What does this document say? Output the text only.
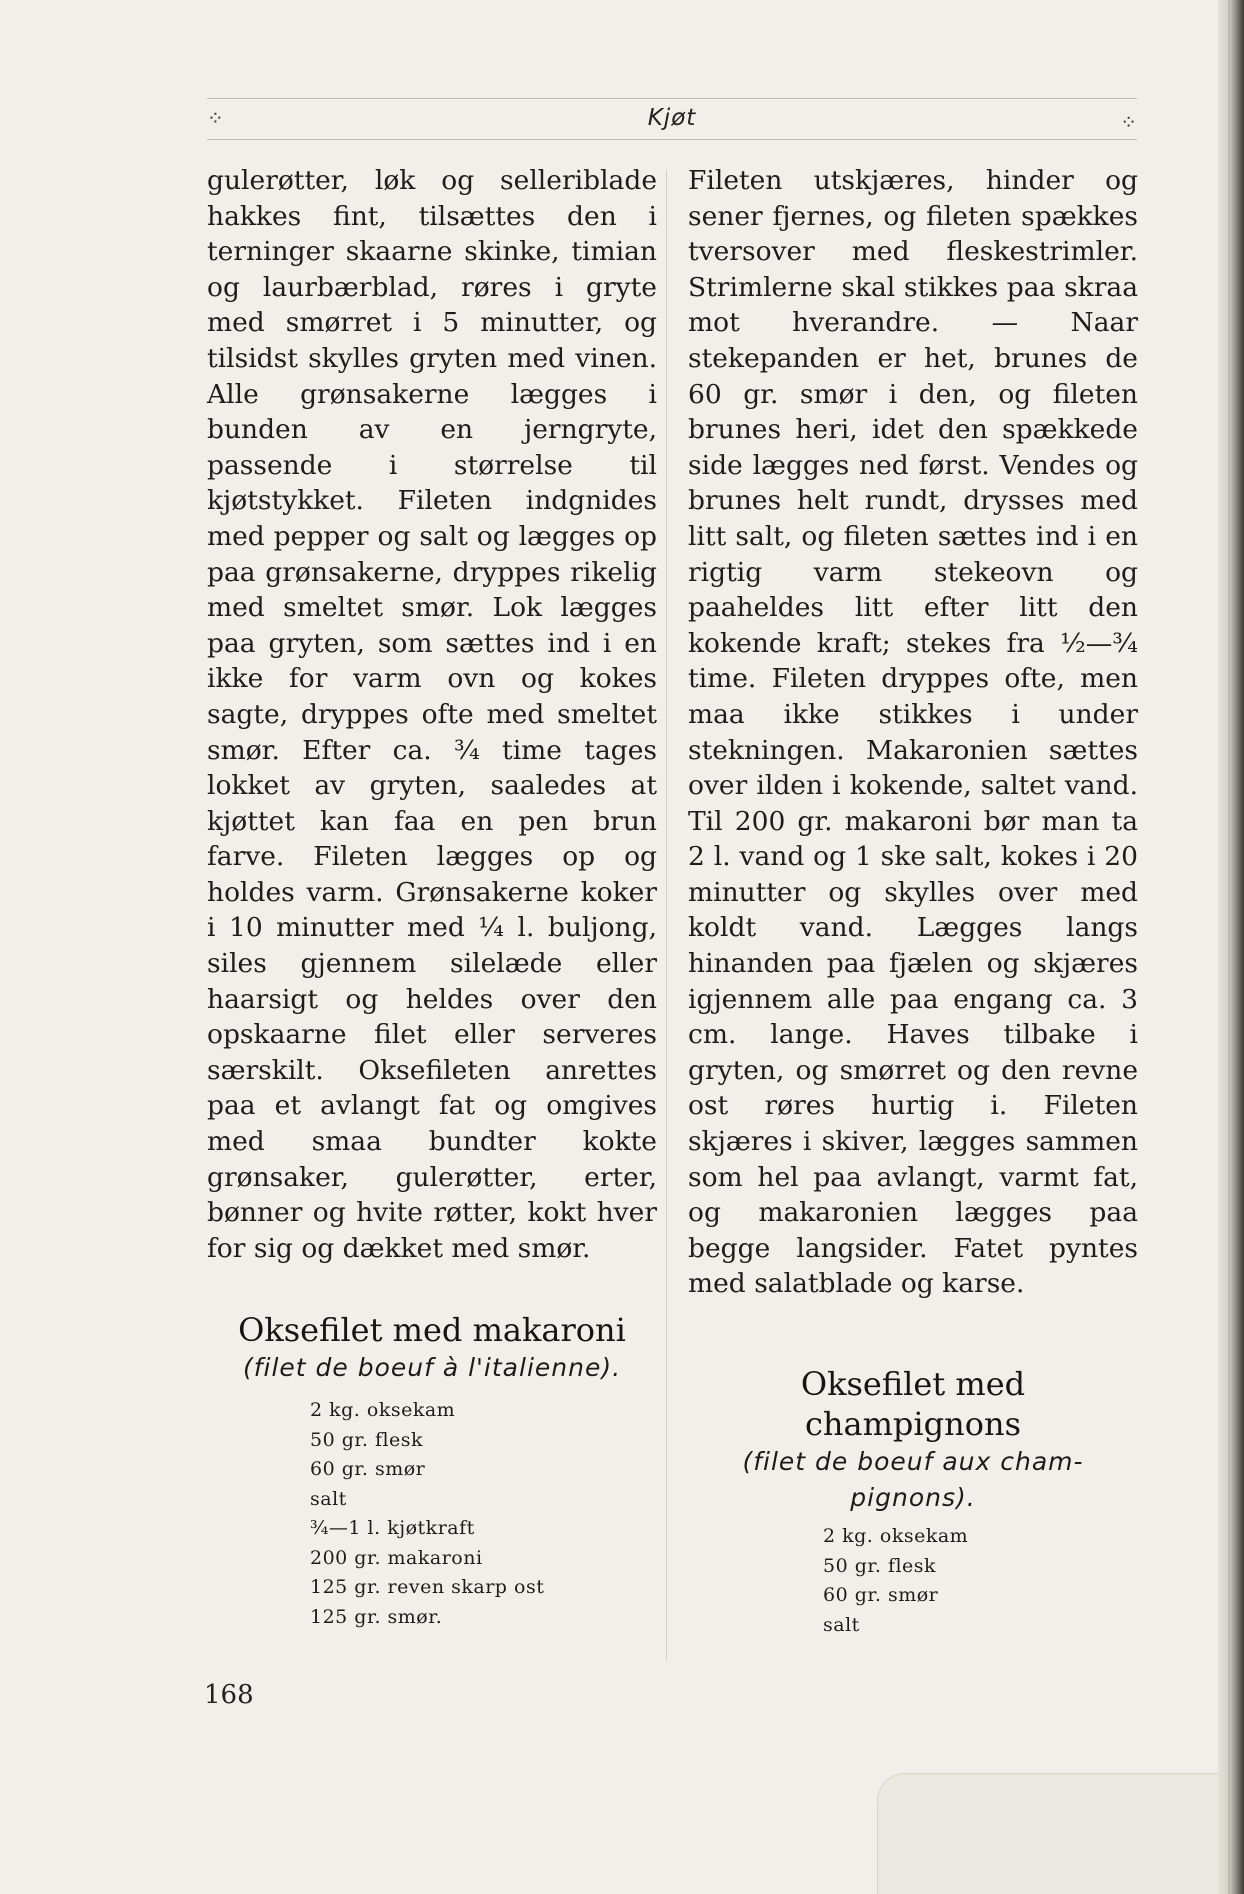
⁘	Kjøt	⁘

gulerøtter, løk og selleriblade hakkes fint, tilsættes den i terninger skaarne skinke, timian og laurbærblad, røres i gryte med smørret i 5 minutter, og tilsidst skylles gryten med vinen. Alle grønsakerne lægges i bunden av en jerngryte, passende i størrelse til kjøtstykket. Fileten indgnides med pepper og salt og lægges op paa grønsakerne, dryppes rikelig med smeltet smør. Lok lægges paa gryten, som sættes ind i en ikke for varm ovn og kokes sagte, dryppes ofte med smeltet smør. Efter ca. ¾ time tages lokket av gryten, saaledes at kjøttet kan faa en pen brun farve. Fileten lægges op og holdes varm. Grønsakerne koker i 10 minutter med ¼ l. buljong, siles gjennem silelæde eller haarsigt og heldes over den opskaarne filet eller serveres særskilt. Oksefileten anrettes paa et avlangt fat og omgives med smaa bundter kokte grønsaker, gulerøtter, erter, bønner og hvite røtter, kokt hver for sig og dækket med smør.

Oksefilet med makaroni

(filet de boeuf à l'italienne).

2 kg. oksekam
50 gr. flesk
60 gr. smør
salt
¾—1 l. kjøtkraft
200 gr. makaroni
125 gr. reven skarp ost
125 gr. smør.

Fileten utskjæres, hinder og sener fjernes, og fileten spækkes tversover med fleskestrimler. Strimlerne skal stikkes paa skraa mot hverandre. — Naar stekepanden er het, brunes de 60 gr. smør i den, og fileten brunes heri, idet den spækkede side lægges ned først. Vendes og brunes helt rundt, drysses med litt salt, og fileten sættes ind i en rigtig varm stekeovn og paaheldes litt efter litt den kokende kraft; stekes fra ½—¾ time. Fileten dryppes ofte, men maa ikke stikkes i under stekningen. Makaronien sættes over ilden i kokende, saltet vand. Til 200 gr. makaroni bør man ta 2 l. vand og 1 ske salt, kokes i 20 minutter og skylles over med koldt vand. Lægges langs hinanden paa fjælen og skjæres igjennem alle paa engang ca. 3 cm. lange. Haves tilbake i gryten, og smørret og den revne ost røres hurtig i. Fileten skjæres i skiver, lægges sammen som hel paa avlangt, varmt fat, og makaronien lægges paa begge langsider. Fatet pyntes med salatblade og karse.

Oksefilet med champignons

(filet de boeuf aux cham-

pignons).

2 kg. oksekam
50 gr. flesk
60 gr. smør
salt
168
